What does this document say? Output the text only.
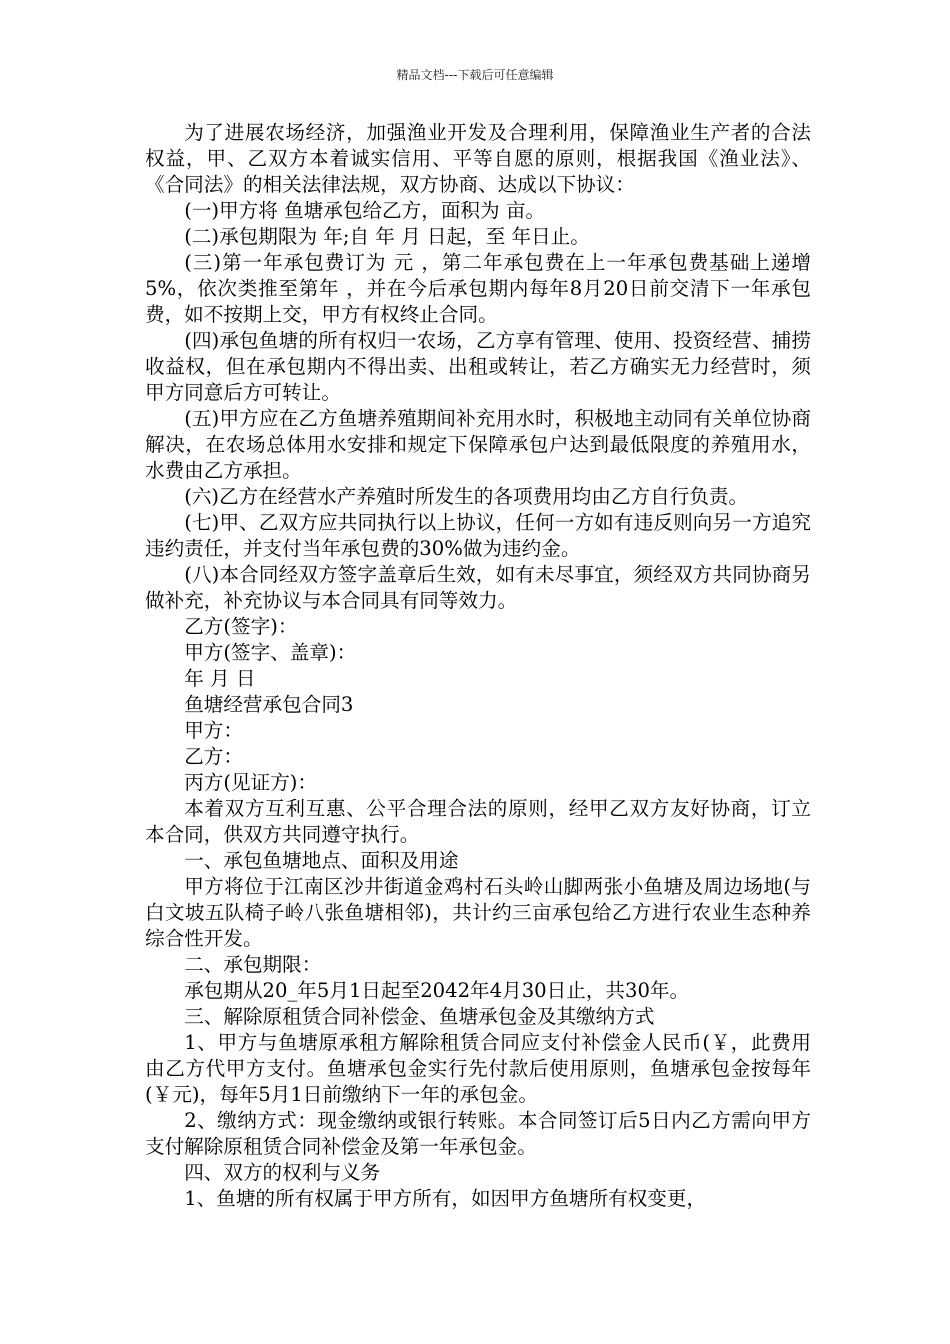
精品文档---下载后可任意编辑

为了进展农场经济，加强渔业开发及合理利用，保障渔业生产者的合法权益，甲、乙双方本着诚实信用、平等自愿的原则，根据我国《渔业法》、《合同法》的相关法律法规，双方协商、达成以下协议：

(一)甲方将 鱼塘承包给乙方，面积为 亩。

(二)承包期限为 年;自 年 月 日起，至 年日止。

(三)第一年承包费订为 元 ，第二年承包费在上一年承包费基础上递增5%，依次类推至第年 ，并在今后承包期内每年8月20日前交清下一年承包费，如不按期上交，甲方有权终止合同。

(四)承包鱼塘的所有权归一农场，乙方享有管理、使用、投资经营、捕捞收益权，但在承包期内不得出卖、出租或转让，若乙方确实无力经营时，须甲方同意后方可转让。

(五)甲方应在乙方鱼塘养殖期间补充用水时，积极地主动同有关单位协商解决，在农场总体用水安排和规定下保障承包户达到最低限度的养殖用水，水费由乙方承担。

(六)乙方在经营水产养殖时所发生的各项费用均由乙方自行负责。

(七)甲、乙双方应共同执行以上协议，任何一方如有违反则向另一方追究违约责任，并支付当年承包费的30%做为违约金。

(八)本合同经双方签字盖章后生效，如有未尽事宜，须经双方共同协商另做补充，补充协议与本合同具有同等效力。

乙方(签字)：

甲方(签字、盖章)：

年 月 日

鱼塘经营承包合同3

甲方：

乙方：

丙方(见证方)：

本着双方互利互惠、公平合理合法的原则，经甲乙双方友好协商，订立本合同，供双方共同遵守执行。

一、承包鱼塘地点、面积及用途

甲方将位于江南区沙井街道金鸡村石头岭山脚两张小鱼塘及周边场地(与白文坡五队椅子岭八张鱼塘相邻)，共计约三亩承包给乙方进行农业生态种养综合性开发。

二、承包期限：

承包期从20_年5月1日起至2042年4月30日止，共30年。

三、解除原租赁合同补偿金、鱼塘承包金及其缴纳方式

1、甲方与鱼塘原承租方解除租赁合同应支付补偿金人民币(￥，此费用由乙方代甲方支付。鱼塘承包金实行先付款后使用原则，鱼塘承包金按每年 (￥元)，每年5月1日前缴纳下一年的承包金。

2、缴纳方式：现金缴纳或银行转账。本合同签订后5日内乙方需向甲方支付解除原租赁合同补偿金及第一年承包金。

四、双方的权利与义务

1、鱼塘的所有权属于甲方所有，如因甲方鱼塘所有权变更，
